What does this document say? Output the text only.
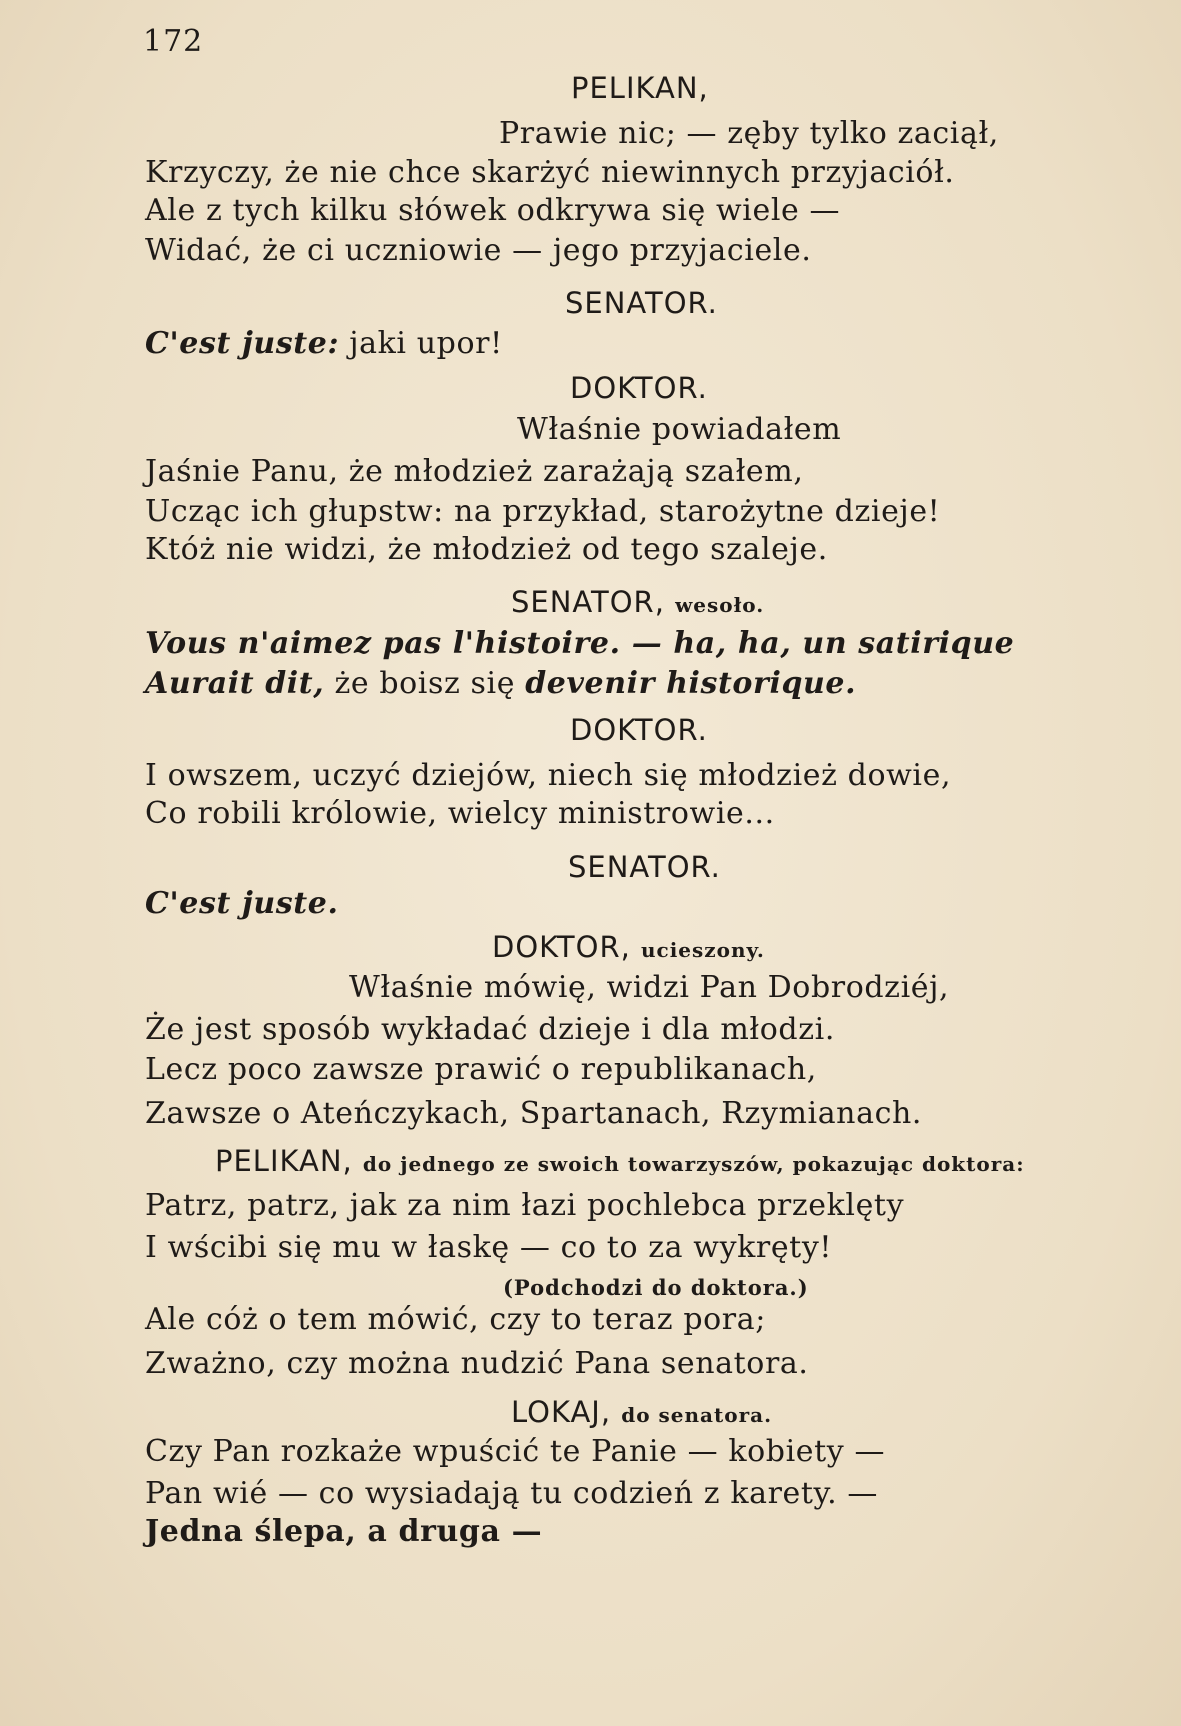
172
PELIKAN,
Prawie nic; — zęby tylko zaciął,
Krzyczy, że nie chce skarżyć niewinnych przyjaciół.
Ale z tych kilku słówek odkrywa się wiele —
Widać, że ci uczniowie — jego przyjaciele.
SENATOR.
C'est juste: jaki upor!
DOKTOR.
Właśnie powiadałem
Jaśnie Panu, że młodzież zarażają szałem,
Ucząc ich głupstw: na przykład, starożytne dzieje!
Któż nie widzi, że młodzież od tego szaleje.
SENATOR, wesoło.
Vous n'aimez pas l'histoire. — ha, ha, un satirique
Aurait dit, że boisz się devenir historique.
DOKTOR.
I owszem, uczyć dziejów, niech się młodzież dowie,
Co robili królowie, wielcy ministrowie...
SENATOR.
C'est juste.
DOKTOR, ucieszony.
Właśnie mówię, widzi Pan Dobrodziéj,
Że jest sposób wykładać dzieje i dla młodzi.
Lecz poco zawsze prawić o republikanach,
Zawsze o Ateńczykach, Spartanach, Rzymianach.
PELIKAN, do jednego ze swoich towarzyszów, pokazując doktora:
Patrz, patrz, jak za nim łazi pochlebca przeklęty
I wścibi się mu w łaskę — co to za wykręty!
(Podchodzi do doktora.)
Ale cóż o tem mówić, czy to teraz pora;
Zważno, czy można nudzić Pana senatora.
LOKAJ, do senatora.
Czy Pan rozkaże wpuścić te Panie — kobiety —
Pan wié — co wysiadają tu codzień z karety. —
Jedna ślepa, a druga —
